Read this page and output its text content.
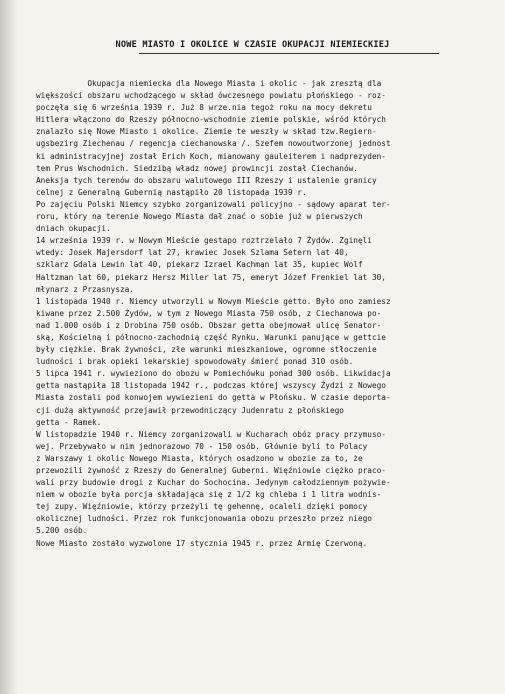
NOWE MIASTO I OKOLICE W CZASIE OKUPACJI NIEMIECKIEJ
Okupacja niemiecka dla Nowego Miasta i okolic - jak zresztą dla
większości obszaru wchodzącego w skład ówczesnego powiatu płońskiego - roz-
poczęła się 6 września 1939 r. Już 8 wrze.nia tegoż roku na mocy dekretu
Hitlera włączono do Rzeszy północno-wschodnie ziemie polskie, wśród których
znalazło się Nowe Miasto i okolice. Ziemie te weszły w skład tzw.Regiern-
ugsbezirg Ziechenau / regencja ciechanowska /. Szefem nowoutworzonej jednost
ki administracyjnej został Erich Koch, mianowany gauleiterem i nadprezyden-
tem Prus Wschodnich. Siedzibą władz nowej prowincji został Ciechanów.
Aneksja tych terenów do obszaru walutowego III Rzeszy i ustalenie granicy
celnej z Generalną Gubernią nastąpiło 20 listopada 1939 r.
Po zajęciu Polski Niemcy szybko zorganizowali policyjno - sądowy aparat ter-
roru, który na terenie Nowego Miasta dał znać o sobie już w pierwszych
dniach okupacji.
14 września 1939 r. w Nowym Mieście gestapo roztrzelało 7 Żydów. Zginęli
wtedy: Josek Majersdorf lat 27, krawiec Josek Szlama Setern lat 40,
szklarz Gdala Lewin lat 40, piekarz Izrael Kachman lat 35, kupiec Wolf
Haltzman lat 60, piekarz Hersz Miller lat 75, emeryt Józef Frenkiel lat 30,
młynarz z Przasnysza.
1 listopada 1940 r. Niemcy utworzyli w Nowym Mieście getto. Było ono zamiesz
kiwane przez 2.500 Żydów, w tym z Nowego Miasta 750 osób, z Ciechanowa po-
nad 1.000 osób i z Drobina 750 osób. Obszar getta obejmował ulicę Senator-
ską, Kościelną i północno-zachodnią część Rynku. Warunki panujące w gettcie
były ciężkie. Brak żywności, złe warunki mieszkaniowe, ogromne stłoczenie
ludności i brak opieki lekarskiej spowodowały śmierć ponad 310 osób.
5 lipca 1941 r. wywieziono do obozu w Pomiechówku ponad 300 osób. Likwidacja
getta nastąpiła 18 listopada 1942 r., podczas której wszyscy Żydzi z Nowego
Miasta zostali pod konwojem wywiezieni do getta w Płońsku. W czasie deporta-
cji dużą aktywność przejawił przewodniczący Judenratu z płońskiego
getta - Ramek.
W listopadzie 1940 r. Niemcy zorganizowali w Kucharach obóz pracy przymuso-
wej. Przebywało w nim jednorazowo 70 - 150 osób. Głównie byli to Polacy
z Warszawy i okolic Nowego Miasta, których osadzono w obozie za to, że
przewozili żywność z Rzeszy do Generalnej Guberni. Więźniowie ciężko praco-
wali przy budowie drogi z Kuchar do Sochocina. Jedynym całodziennym pożywie-
niem w obozie była porcja składająca się z 1/2 kg chleba i 1 litra wodnis-
tej zupy. Więźniowie, którzy przeżyli tę gehennę, ocaleli dzięki pomocy
okolicznej ludności. Przez rok funkcjonowania obozu przeszło przez niego
5.200 osób.
Nowe Miasto zostało wyzwolone 17 stycznia 1945 r. przez Armię Czerwoną.
